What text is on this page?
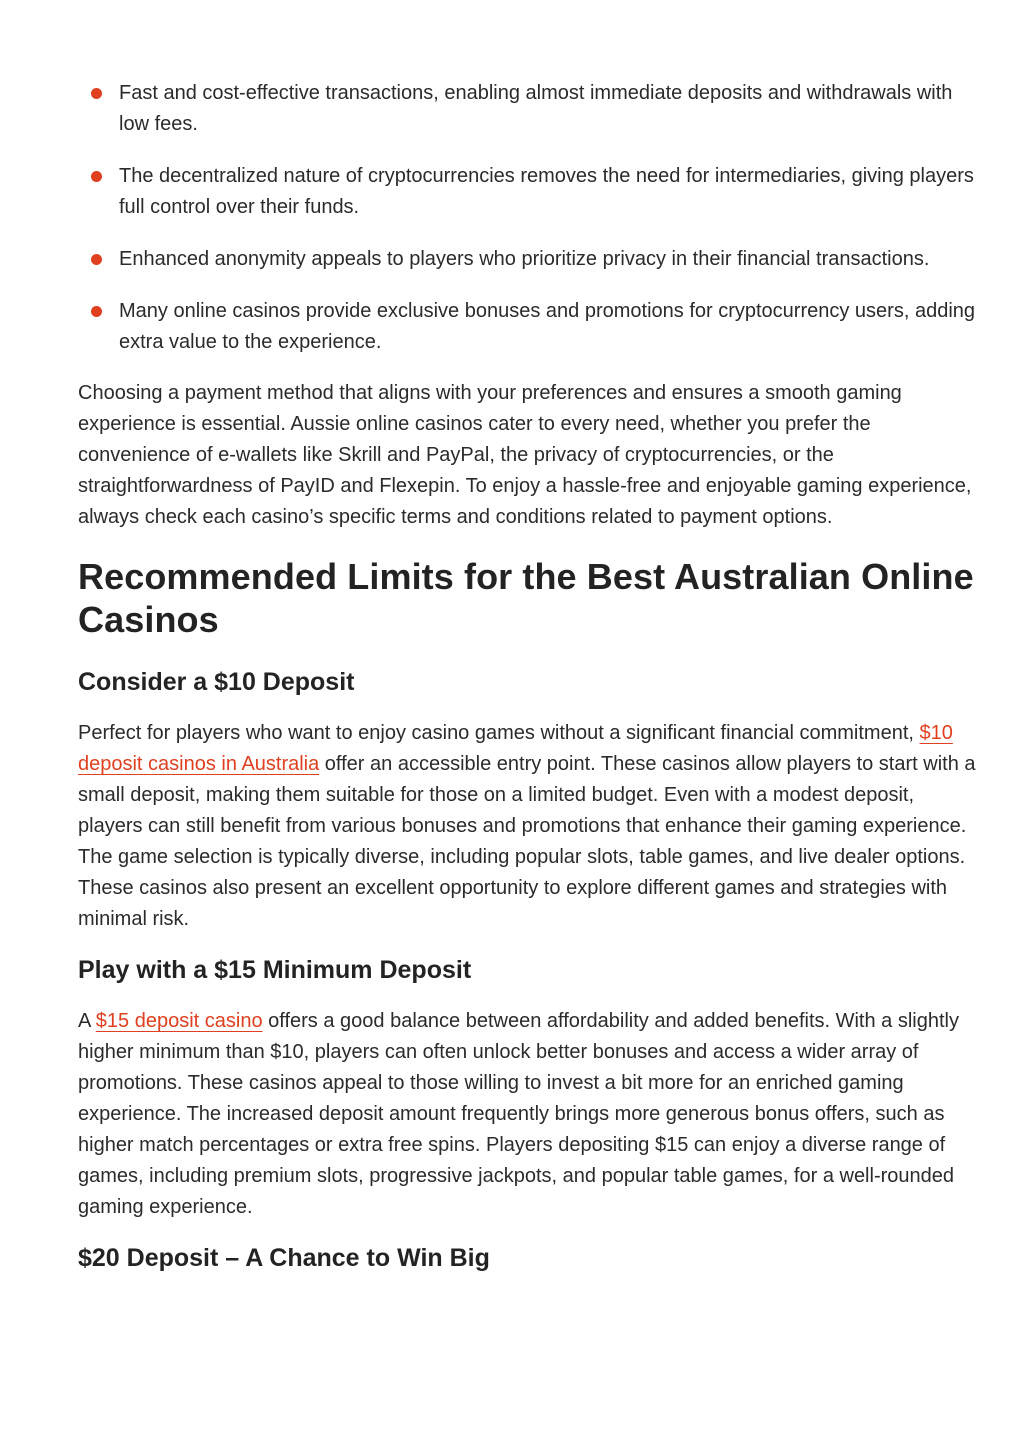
Fast and cost-effective transactions, enabling almost immediate deposits and withdrawals with low fees.
The decentralized nature of cryptocurrencies removes the need for intermediaries, giving players full control over their funds.
Enhanced anonymity appeals to players who prioritize privacy in their financial transactions.
Many online casinos provide exclusive bonuses and promotions for cryptocurrency users, adding extra value to the experience.

Choosing a payment method that aligns with your preferences and ensures a smooth gaming experience is essential. Aussie online casinos cater to every need, whether you prefer the convenience of e-wallets like Skrill and PayPal, the privacy of cryptocurrencies, or the straightforwardness of PayID and Flexepin. To enjoy a hassle-free and enjoyable gaming experience, always check each casino’s specific terms and conditions related to payment options.

Recommended Limits for the Best Australian Online Casinos
Consider a $10 Deposit

Perfect for players who want to enjoy casino games without a significant financial commitment, $10 deposit casinos in Australia offer an accessible entry point. These casinos allow players to start with a small deposit, making them suitable for those on a limited budget. Even with a modest deposit, players can still benefit from various bonuses and promotions that enhance their gaming experience. The game selection is typically diverse, including popular slots, table games, and live dealer options. These casinos also present an excellent opportunity to explore different games and strategies with minimal risk.

Play with a $15 Minimum Deposit

A $15 deposit casino offers a good balance between affordability and added benefits. With a slightly higher minimum than $10, players can often unlock better bonuses and access a wider array of promotions. These casinos appeal to those willing to invest a bit more for an enriched gaming experience. The increased deposit amount frequently brings more generous bonus offers, such as higher match percentages or extra free spins. Players depositing $15 can enjoy a diverse range of games, including premium slots, progressive jackpots, and popular table games, for a well-rounded gaming experience.

$20 Deposit – A Chance to Win Big
